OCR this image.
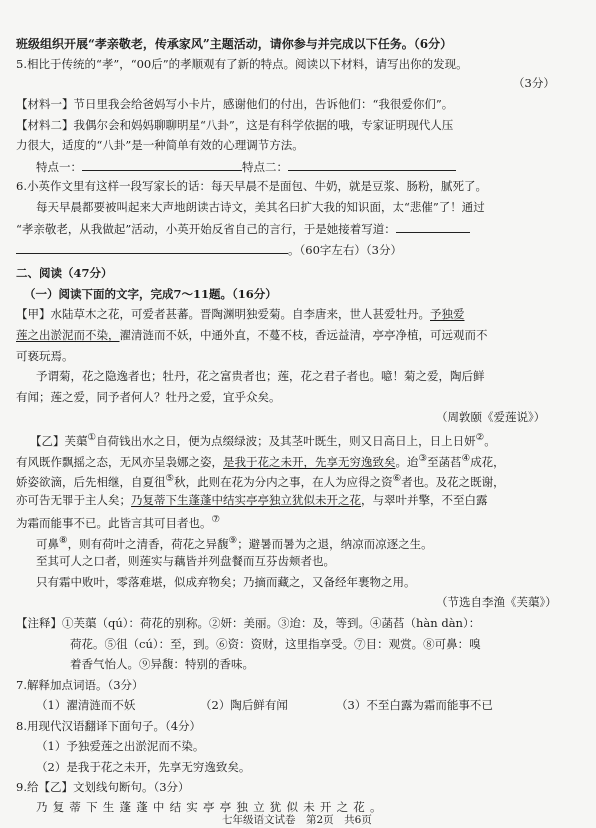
班级组织开展“孝亲敬老，传承家风”主题活动，请你参与并完成以下任务。（6分）
5.相比于传统的“孝”，“00后”的孝顺观有了新的特点。阅读以下材料，请写出你的发现。
（3分）
【材料一】节日里我会给爸妈写小卡片，感谢他们的付出，告诉他们：“我很爱你们”。
【材料二】我偶尔会和妈妈聊聊明星“八卦”，这是有科学依据的哦，专家证明现代人压
力很大，适度的“八卦”是一种简单有效的心理调节方法。
特点一：	特点二：
6.小英作文里有这样一段写家长的话：每天早晨不是面包、牛奶，就是豆浆、肠粉，腻死了。
每天早晨都要被叫起来大声地朗读古诗文，美其名曰扩大我的知识面，太“悲催”了！通过
“孝亲敬老，从我做起”活动，小英开始反省自己的言行，于是她接着写道：
。（60字左右）（3分）
二、阅读（47分）
（一）阅读下面的文字，完成7～11题。（16分）
【甲】水陆草木之花，可爱者甚蕃。晋陶渊明独爱菊。自李唐来，世人甚爱牡丹。予独爱
莲之出淤泥而不染，濯清涟而不妖，中通外直，不蔓不枝，香远益清，亭亭净植，可远观而不
可亵玩焉。
予谓菊，花之隐逸者也；牡丹，花之富贵者也；莲，花之君子者也。噫！菊之爱，陶后鲜
有闻；莲之爱，同予者何人？牡丹之爱，宜乎众矣。
（周敦颐《爱莲说》）
【乙】芙蕖①自荷钱出水之日，便为点缀绿波；及其茎叶既生，则又日高日上，日上日妍②。
有风既作飘摇之态，无风亦呈袅娜之姿，是我于花之未开，先享无穷逸致矣。迨③至菡萏④成花，
娇姿欲滴，后先相继，自夏徂⑤秋，此则在花为分内之事，在人为应得之资⑥者也。及花之既谢，
亦可告无罪于主人矣；乃复蒂下生蓬蓬中结实亭亭独立犹似未开之花，与翠叶并擎，不至白露
为霜而能事不已。此皆言其可目者也。⑦
可鼻⑧，则有荷叶之清香，荷花之异馥⑨；避暑而暑为之退，纳凉而凉逐之生。
至其可人之口者，则莲实与藕皆并列盘餐而互芬齿颊者也。
只有霜中败叶，零落难堪，似成弃物矣；乃摘而藏之，又备经年裹物之用。
（节选自李渔《芙蕖》）
【注释】①芙蕖（qú）：荷花的别称。②妍：美丽。③迨：及，等到。④菡萏（hàn dàn）：
荷花。⑤徂（cú）：至，到。⑥资：资财，这里指享受。⑦目：观赏。⑧可鼻：嗅
着香气怡人。⑨异馥：特别的香味。
7.解释加点词语。（3分）
（1）濯清涟而不妖	（2）陶后鲜有闻	（3）不至白露为霜而能事不已
8.用现代汉语翻译下面句子。（4分）
（1）予独爱莲之出淤泥而不染。
（2）是我于花之未开，先享无穷逸致矣。
9.给【乙】文划线句断句。（3分）
乃复蒂下生蓬蓬中结实亭亭独立犹似未开之花。
七年级语文试卷　第2页　共6页
